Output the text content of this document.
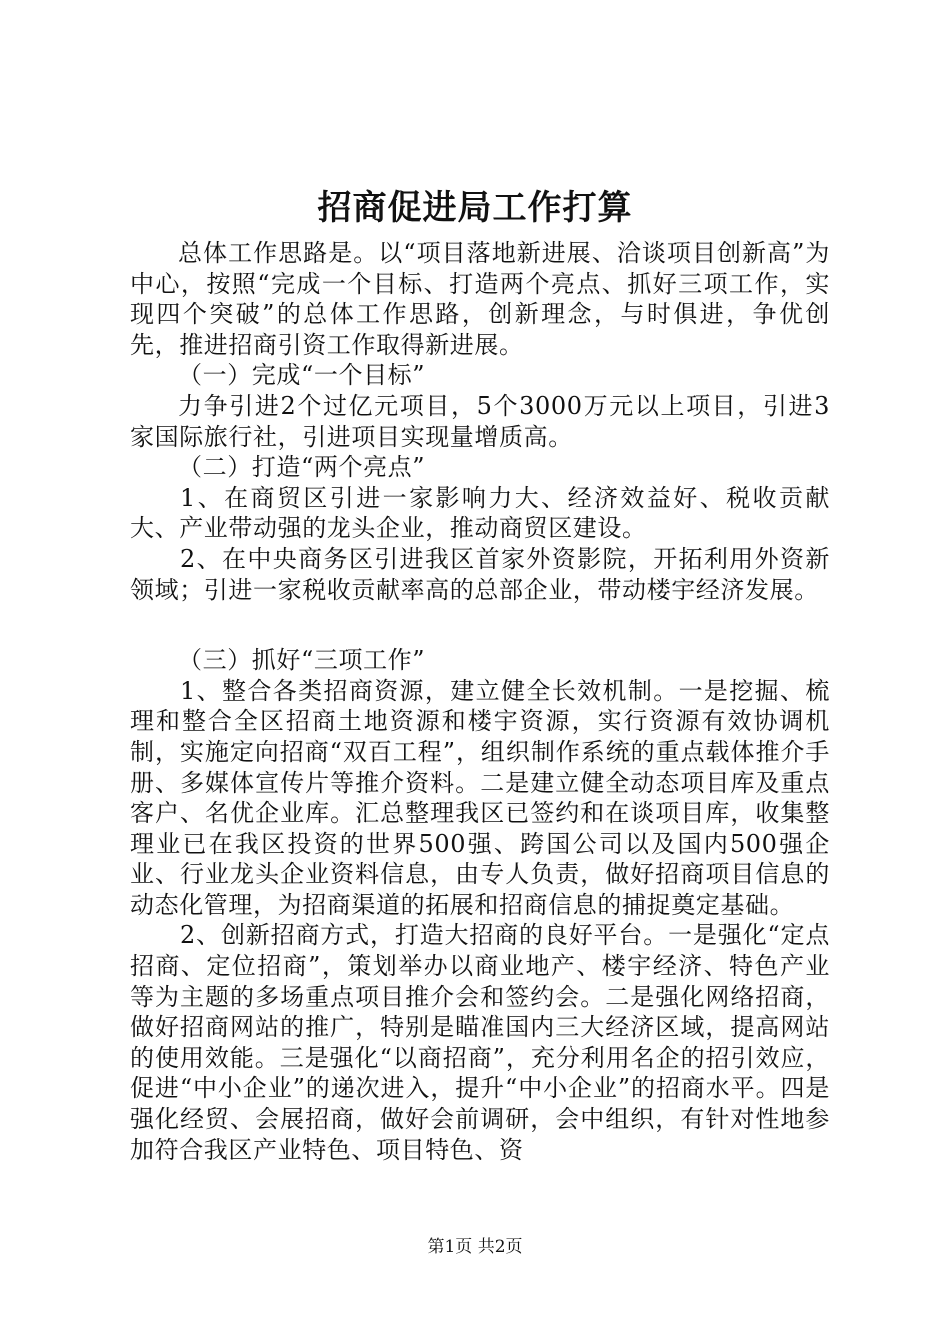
招商促进局工作打算

总体工作思路是。以“项目落地新进展、洽谈项目创新高”为中心，按照“完成一个目标、打造两个亮点、抓好三项工作，实现四个突破”的总体工作思路，创新理念，与时俱进，争优创先，推进招商引资工作取得新进展。

（一）完成“一个目标”

力争引进2个过亿元项目，5个3000万元以上项目，引进3家国际旅行社，引进项目实现量增质高。

（二）打造“两个亮点”

1、在商贸区引进一家影响力大、经济效益好、税收贡献大、产业带动强的龙头企业，推动商贸区建设。

2、在中央商务区引进我区首家外资影院，开拓利用外资新领域；引进一家税收贡献率高的总部企业，带动楼宇经济发展。

（三）抓好“三项工作”

1、整合各类招商资源，建立健全长效机制。一是挖掘、梳理和整合全区招商土地资源和楼宇资源，实行资源有效协调机制，实施定向招商“双百工程”，组织制作系统的重点载体推介手册、多媒体宣传片等推介资料。二是建立健全动态项目库及重点客户、名优企业库。汇总整理我区已签约和在谈项目库，收集整理业已在我区投资的世界500强、跨国公司以及国内500强企业、行业龙头企业资料信息，由专人负责，做好招商项目信息的动态化管理，为招商渠道的拓展和招商信息的捕捉奠定基础。

2、创新招商方式，打造大招商的良好平台。一是强化“定点招商、定位招商”，策划举办以商业地产、楼宇经济、特色产业等为主题的多场重点项目推介会和签约会。二是强化网络招商，做好招商网站的推广，特别是瞄准国内三大经济区域，提高网站的使用效能。三是强化“以商招商”，充分利用名企的招引效应，促进“中小企业”的递次进入，提升“中小企业”的招商水平。四是强化经贸、会展招商，做好会前调研，会中组织，有针对性地参加符合我区产业特色、项目特色、资

第1页 共2页
